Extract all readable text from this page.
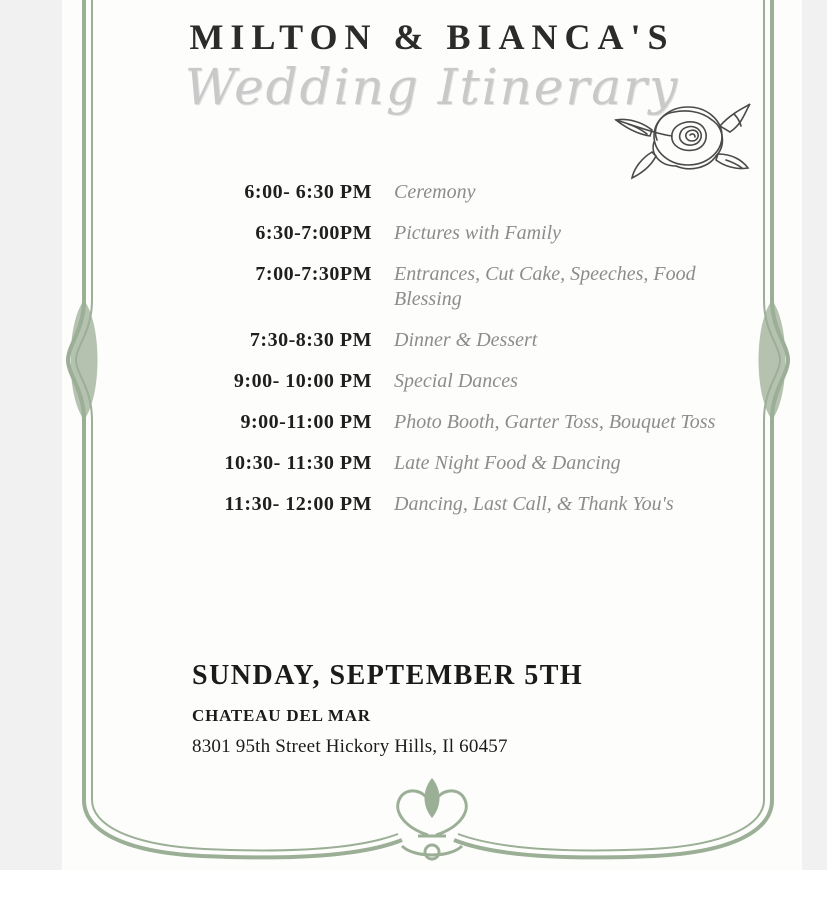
MILTON & BIANCA'S
Wedding Itinerary
6:00- 6:30 PM	Ceremony
6:30-7:00PM	Pictures with Family
7:00-7:30PM	Entrances, Cut Cake, Speeches, Food Blessing
7:30-8:30 PM	Dinner & Dessert
9:00- 10:00 PM	Special Dances
9:00-11:00 PM	Photo Booth, Garter Toss, Bouquet Toss
10:30- 11:30 PM	Late Night Food & Dancing
11:30- 12:00 PM	Dancing, Last Call, & Thank You's
SUNDAY, SEPTEMBER 5TH
CHATEAU DEL MAR
8301 95th Street Hickory Hills, Il 60457
